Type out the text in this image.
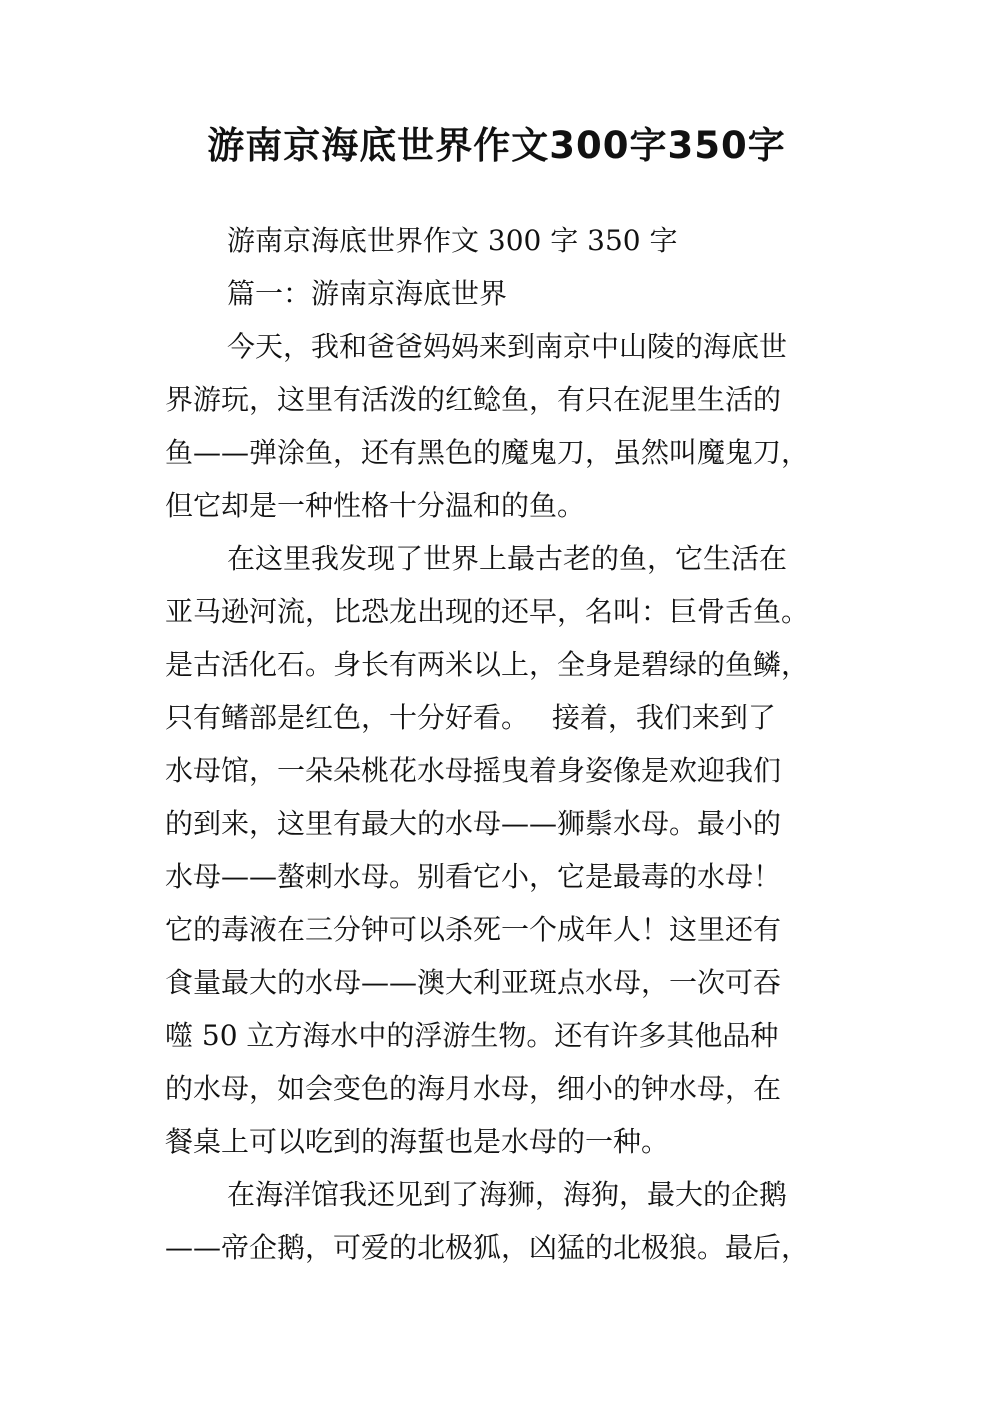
游南京海底世界作文300字350字
游南京海底世界作文 300 字 350 字
篇一：游南京海底世界
今天，我和爸爸妈妈来到南京中山陵的海底世
界游玩，这里有活泼的红鲶鱼，有只在泥里生活的
鱼——弹涂鱼，还有黑色的魔鬼刀，虽然叫魔鬼刀，
但它却是一种性格十分温和的鱼。
在这里我发现了世界上最古老的鱼，它生活在
亚马逊河流，比恐龙出现的还早，名叫：巨骨舌鱼。
是古活化石。身长有两米以上，全身是碧绿的鱼鳞，
只有鳍部是红色，十分好看。　 接着，我们来到了
水母馆，一朵朵桃花水母摇曳着身姿像是欢迎我们
的到来，这里有最大的水母——狮鬃水母。最小的
水母——螯刺水母。别看它小，它是最毒的水母！
它的毒液在三分钟可以杀死一个成年人！这里还有
食量最大的水母——澳大利亚斑点水母，一次可吞
噬 50 立方海水中的浮游生物。还有许多其他品种
的水母，如会变色的海月水母，细小的钟水母，在
餐桌上可以吃到的海蜇也是水母的一种。
在海洋馆我还见到了海狮，海狗，最大的企鹅
——帝企鹅，可爱的北极狐，凶猛的北极狼。最后，
